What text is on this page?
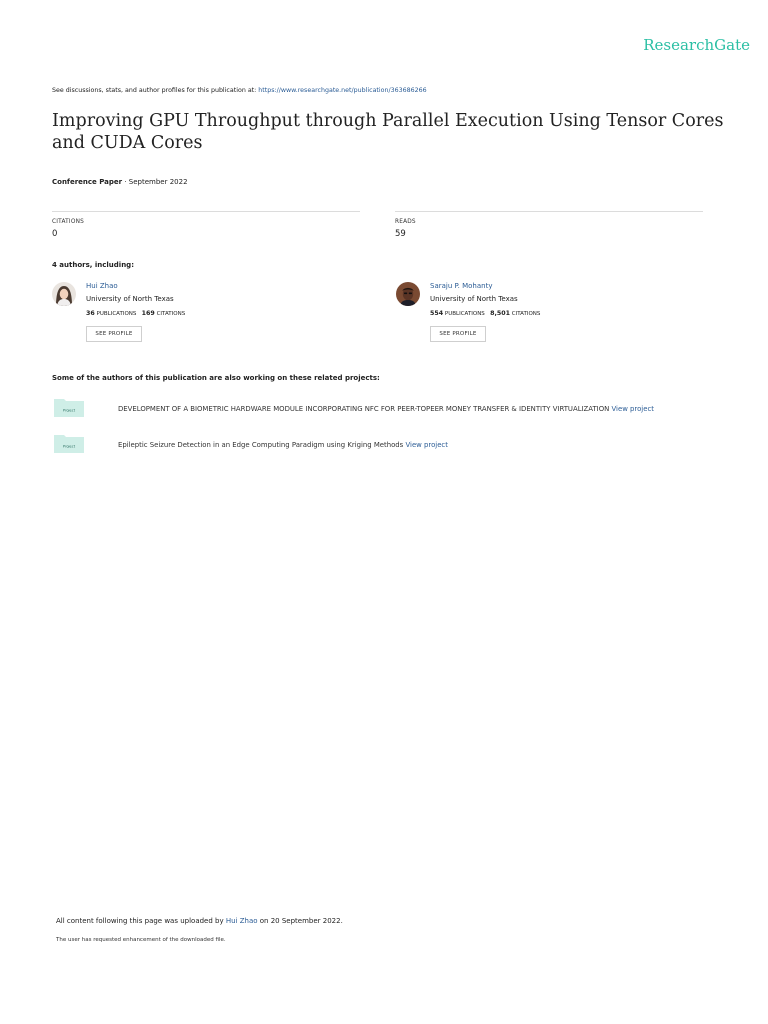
ResearchGate
See discussions, stats, and author profiles for this publication at: https://www.researchgate.net/publication/363686266
Improving GPU Throughput through Parallel Execution Using Tensor Cores and CUDA Cores
Conference Paper · September 2022
CITATIONS
0
READS
59
4 authors, including:
Hui Zhao
University of North Texas
36 PUBLICATIONS 169 CITATIONS
SEE PROFILE
Saraju P. Mohanty
University of North Texas
554 PUBLICATIONS 8,501 CITATIONS
SEE PROFILE
Some of the authors of this publication are also working on these related projects:
Project	DEVELOPMENT OF A BIOMETRIC HARDWARE MODULE INCORPORATING NFC FOR PEER-TOPEER MONEY TRANSFER & IDENTITY VIRTUALIZATION View project
Project	Epileptic Seizure Detection in an Edge Computing Paradigm using Kriging Methods View project
All content following this page was uploaded by Hui Zhao on 20 September 2022.
The user has requested enhancement of the downloaded file.
